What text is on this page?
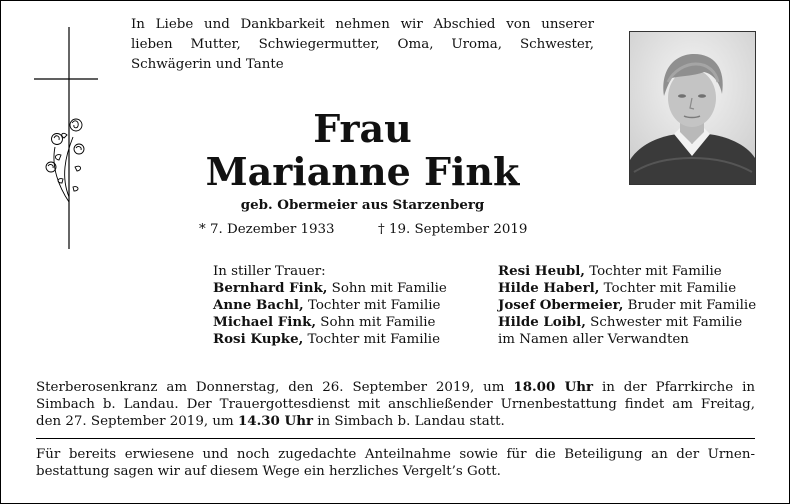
In Liebe und Dankbarkeit nehmen wir Abschied von unserer
lieben Mutter, Schwiegermutter, Oma, Uroma, Schwester,
Schwägerin und Tante
Frau
Marianne Fink
geb. Obermeier aus Starzenberg
* 7. Dezember 1933	† 19. September 2019
In stiller Trauer:
Bernhard Fink, Sohn mit Familie
Anne Bachl, Tochter mit Familie
Michael Fink, Sohn mit Familie
Rosi Kupke, Tochter mit Familie
Resi Heubl, Tochter mit Familie
Hilde Haberl, Tochter mit Familie
Josef Obermeier, Bruder mit Familie
Hilde Loibl, Schwester mit Familie
im Namen aller Verwandten
Sterberosenkranz am Donnerstag, den 26. September 2019, um 18.00 Uhr in der Pfarrkirche in
Simbach b. Landau. Der Trauergottesdienst mit anschließender Urnenbestattung findet am Freitag,
den 27. September 2019, um 14.30 Uhr in Simbach b. Landau statt.
Für bereits erwiesene und noch zugedachte Anteilnahme sowie für die Beteiligung an der Urnen-
bestattung sagen wir auf diesem Wege ein herzliches Vergelt’s Gott.
